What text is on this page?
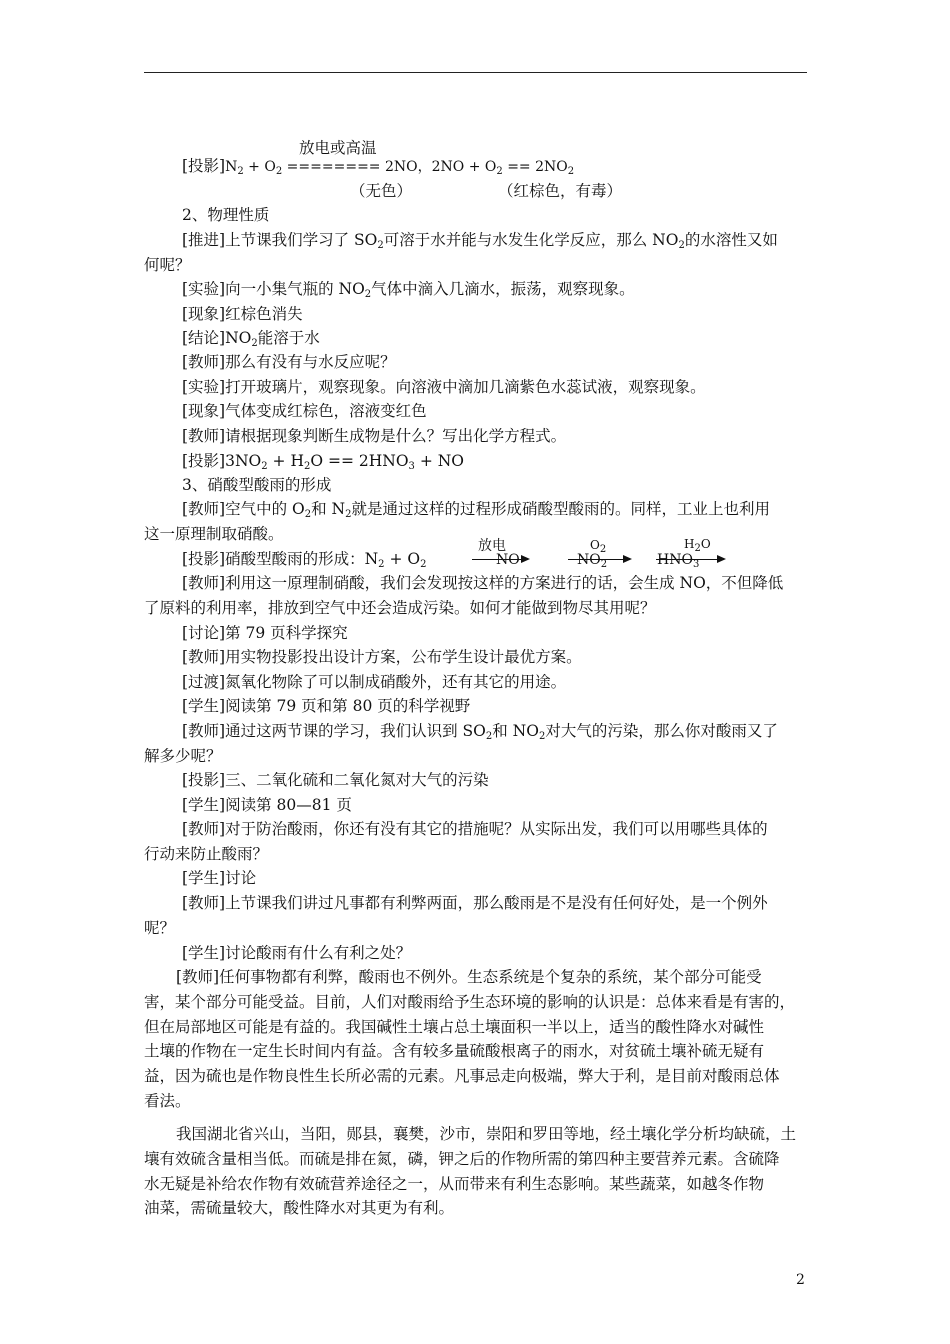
放电或高温
[投影]$N_2 + O_2$ ======== 2NO，$2NO + O_2 == 2NO_2$
（无色）	（红棕色，有毒）
2、物理性质
[推进]上节课我们学习了 SO2可溶于水并能与水发生化学反应，那么 NO2的水溶性又如
何呢？
[实验]向一小集气瓶的 NO2气体中滴入几滴水，振荡，观察现象。
[现象]红棕色消失
[结论]NO2能溶于水
[教师]那么有没有与水反应呢？
[实验]打开玻璃片，观察现象。向溶液中滴加几滴紫色水蕊试液，观察现象。
[现象]气体变成红棕色，溶液变红色
[教师]请根据现象判断生成物是什么？写出化学方程式。
[投影]3NO2 + H2O == 2HNO3 + NO
3、硝酸型酸雨的形成
[教师]空气中的 O2和 N2就是通过这样的过程形成硝酸型酸雨的。同样，工业上也利用
这一原理制取硝酸。
[投影]硝酸型酸雨的形成：N2 + O2
放电
NO
$O_2$
$NO_2$
$H_2O$
$HNO_3$
[教师]利用这一原理制硝酸，我们会发现按这样的方案进行的话，会生成 NO，不但降低
了原料的利用率，排放到空气中还会造成污染。如何才能做到物尽其用呢？
[讨论]第 79 页科学探究
[教师]用实物投影投出设计方案，公布学生设计最优方案。
[过渡]氮氧化物除了可以制成硝酸外，还有其它的用途。
[学生]阅读第 79 页和第 80 页的科学视野
[教师]通过这两节课的学习，我们认识到 SO2和 NO2对大气的污染，那么你对酸雨又了
解多少呢？
[投影]三、二氧化硫和二氧化氮对大气的污染
[学生]阅读第 80—81 页
[教师]对于防治酸雨，你还有没有其它的措施呢？从实际出发，我们可以用哪些具体的
行动来防止酸雨？
[学生]讨论
[教师]上节课我们讲过凡事都有利弊两面，那么酸雨是不是没有任何好处，是一个例外
呢？
[学生]讨论酸雨有什么有利之处？
[教师]任何事物都有利弊，酸雨也不例外。生态系统是个复杂的系统，某个部分可能受
害，某个部分可能受益。目前，人们对酸雨给予生态环境的影响的认识是：总体来看是有害的，
但在局部地区可能是有益的。我国碱性土壤占总土壤面积一半以上，适当的酸性降水对碱性
土壤的作物在一定生长时间内有益。含有较多量硫酸根离子的雨水，对贫硫土壤补硫无疑有
益，因为硫也是作物良性生长所必需的元素。凡事忌走向极端，弊大于利，是目前对酸雨总体
看法。
我国湖北省兴山，当阳，郧县，襄樊，沙市，崇阳和罗田等地，经土壤化学分析均缺硫，土
壤有效硫含量相当低。而硫是排在氮，磷，钾之后的作物所需的第四种主要营养元素。含硫降
水无疑是补给农作物有效硫营养途径之一，从而带来有利生态影响。某些蔬菜，如越冬作物
油菜，需硫量较大，酸性降水对其更为有利。
2
